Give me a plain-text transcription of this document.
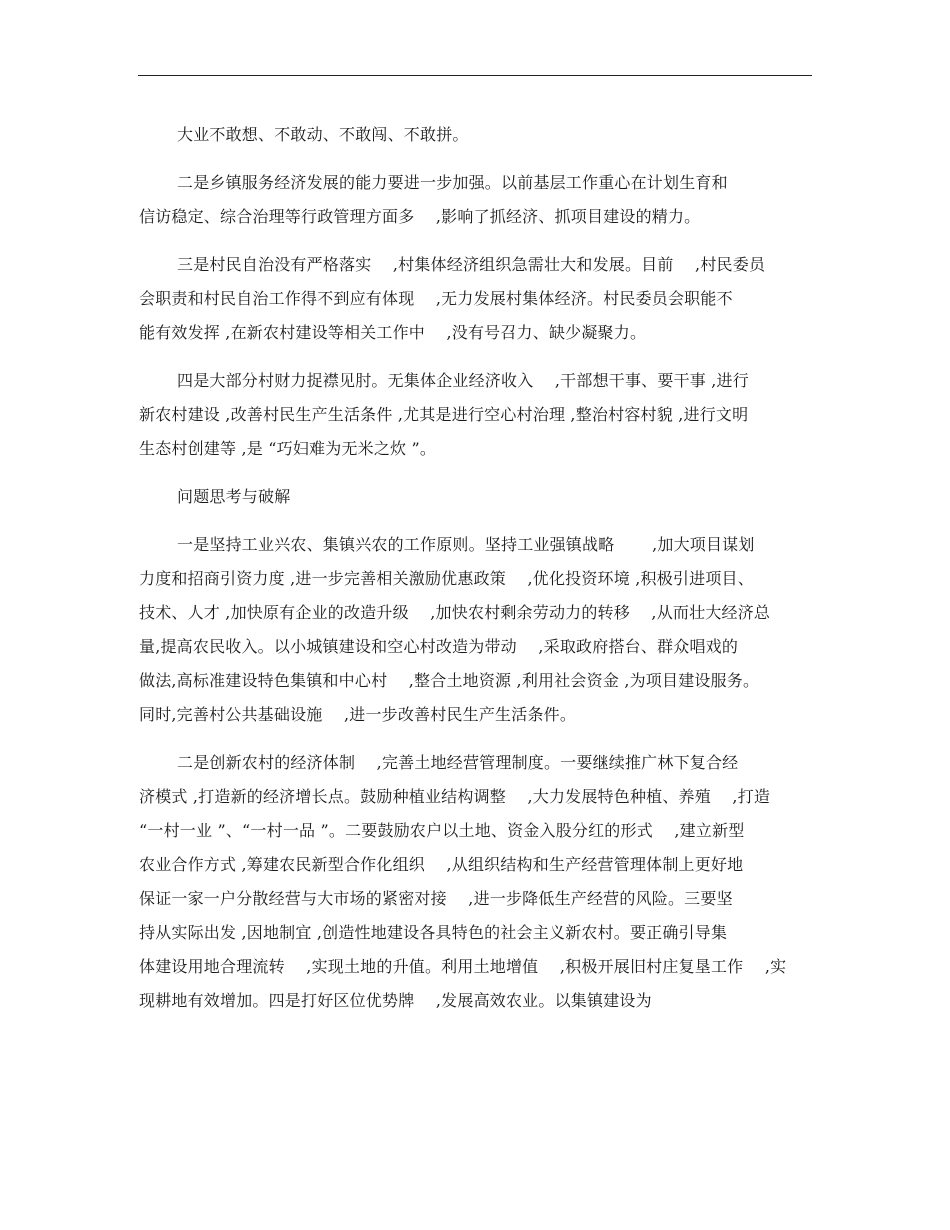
大业不敢想、不敢动、不敢闯、不敢拼。
二是乡镇服务经济发展的能力要进一步加强。以前基层工作重心在计划生育和
信访稳定、综合治理等行政管理方面多　 ,影响了抓经济、抓项目建设的精力。
三是村民自治没有严格落实　 ,村集体经济组织急需壮大和发展。目前　 ,村民委员
会职责和村民自治工作得不到应有体现　 ,无力发展村集体经济。村民委员会职能不
能有效发挥 ,在新农村建设等相关工作中　 ,没有号召力、缺少凝聚力。
四是大部分村财力捉襟见肘。无集体企业经济收入　 ,干部想干事、要干事 ,进行
新农村建设 ,改善村民生产生活条件 ,尤其是进行空心村治理 ,整治村容村貌 ,进行文明
生态村创建等 ,是 “巧妇难为无米之炊 ”。
问题思考与破解
一是坚持工业兴农、集镇兴农的工作原则。坚持工业强镇战略　　 ,加大项目谋划
力度和招商引资力度 ,进一步完善相关激励优惠政策　 ,优化投资环境 ,积极引进项目、
技术、人才 ,加快原有企业的改造升级　 ,加快农村剩余劳动力的转移　 ,从而壮大经济总
量,提高农民收入。以小城镇建设和空心村改造为带动　 ,采取政府搭台、群众唱戏的
做法,高标准建设特色集镇和中心村　 ,整合土地资源 ,利用社会资金 ,为项目建设服务。
同时,完善村公共基础设施　 ,进一步改善村民生产生活条件。
二是创新农村的经济体制　 ,完善土地经营管理制度。一要继续推广林下复合经
济模式 ,打造新的经济增长点。鼓励种植业结构调整　 ,大力发展特色种植、养殖　 ,打造
“一村一业 ”、“一村一品 ”。二要鼓励农户以土地、资金入股分红的形式　 ,建立新型
农业合作方式 ,筹建农民新型合作化组织　 ,从组织结构和生产经营管理体制上更好地
保证一家一户分散经营与大市场的紧密对接　 ,进一步降低生产经营的风险。三要坚
持从实际出发 ,因地制宜 ,创造性地建设各具特色的社会主义新农村。要正确引导集
体建设用地合理流转　 ,实现土地的升值。利用土地增值　 ,积极开展旧村庄复垦工作　 ,实
现耕地有效增加。四是打好区位优势牌　 ,发展高效农业。以集镇建设为
